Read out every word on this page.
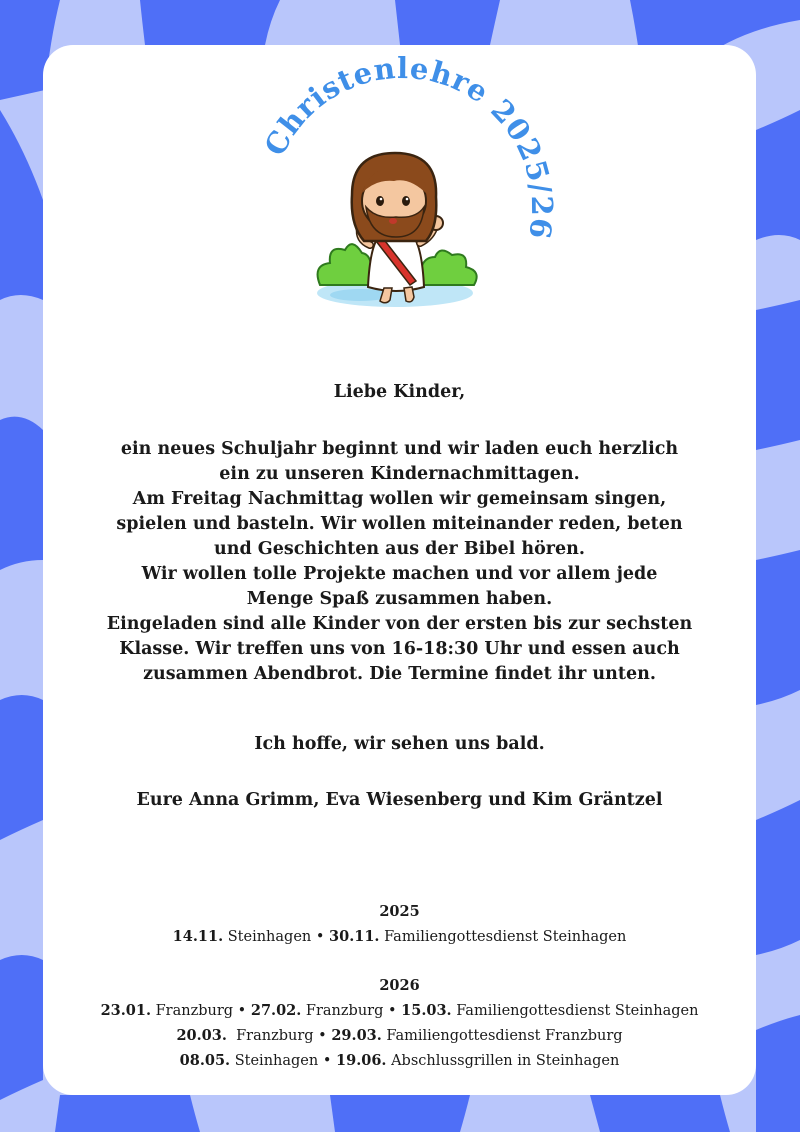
Christenlehre 2025/26
Liebe Kinder,
ein neues Schuljahr beginnt und wir laden euch herzlich
ein zu unseren Kindernachmittagen.
Am Freitag Nachmittag wollen wir gemeinsam singen,
spielen und basteln. Wir wollen miteinander reden, beten
und Geschichten aus der Bibel hören.
Wir wollen tolle Projekte machen und vor allem jede
Menge Spaß zusammen haben.
Eingeladen sind alle Kinder von der ersten bis zur sechsten
Klasse. Wir treffen uns von 16-18:30 Uhr und essen auch
zusammen Abendbrot. Die Termine findet ihr unten.
Ich hoffe, wir sehen uns bald.
Eure Anna Grimm, Eva Wiesenberg und Kim Gräntzel
2025
14.11. Steinhagen • 30.11. Familiengottesdienst Steinhagen
2026
23.01. Franzburg • 27.02. Franzburg • 15.03. Familiengottesdienst Steinhagen
20.03.  Franzburg • 29.03. Familiengottesdienst Franzburg
08.05. Steinhagen • 19.06. Abschlussgrillen in Steinhagen
